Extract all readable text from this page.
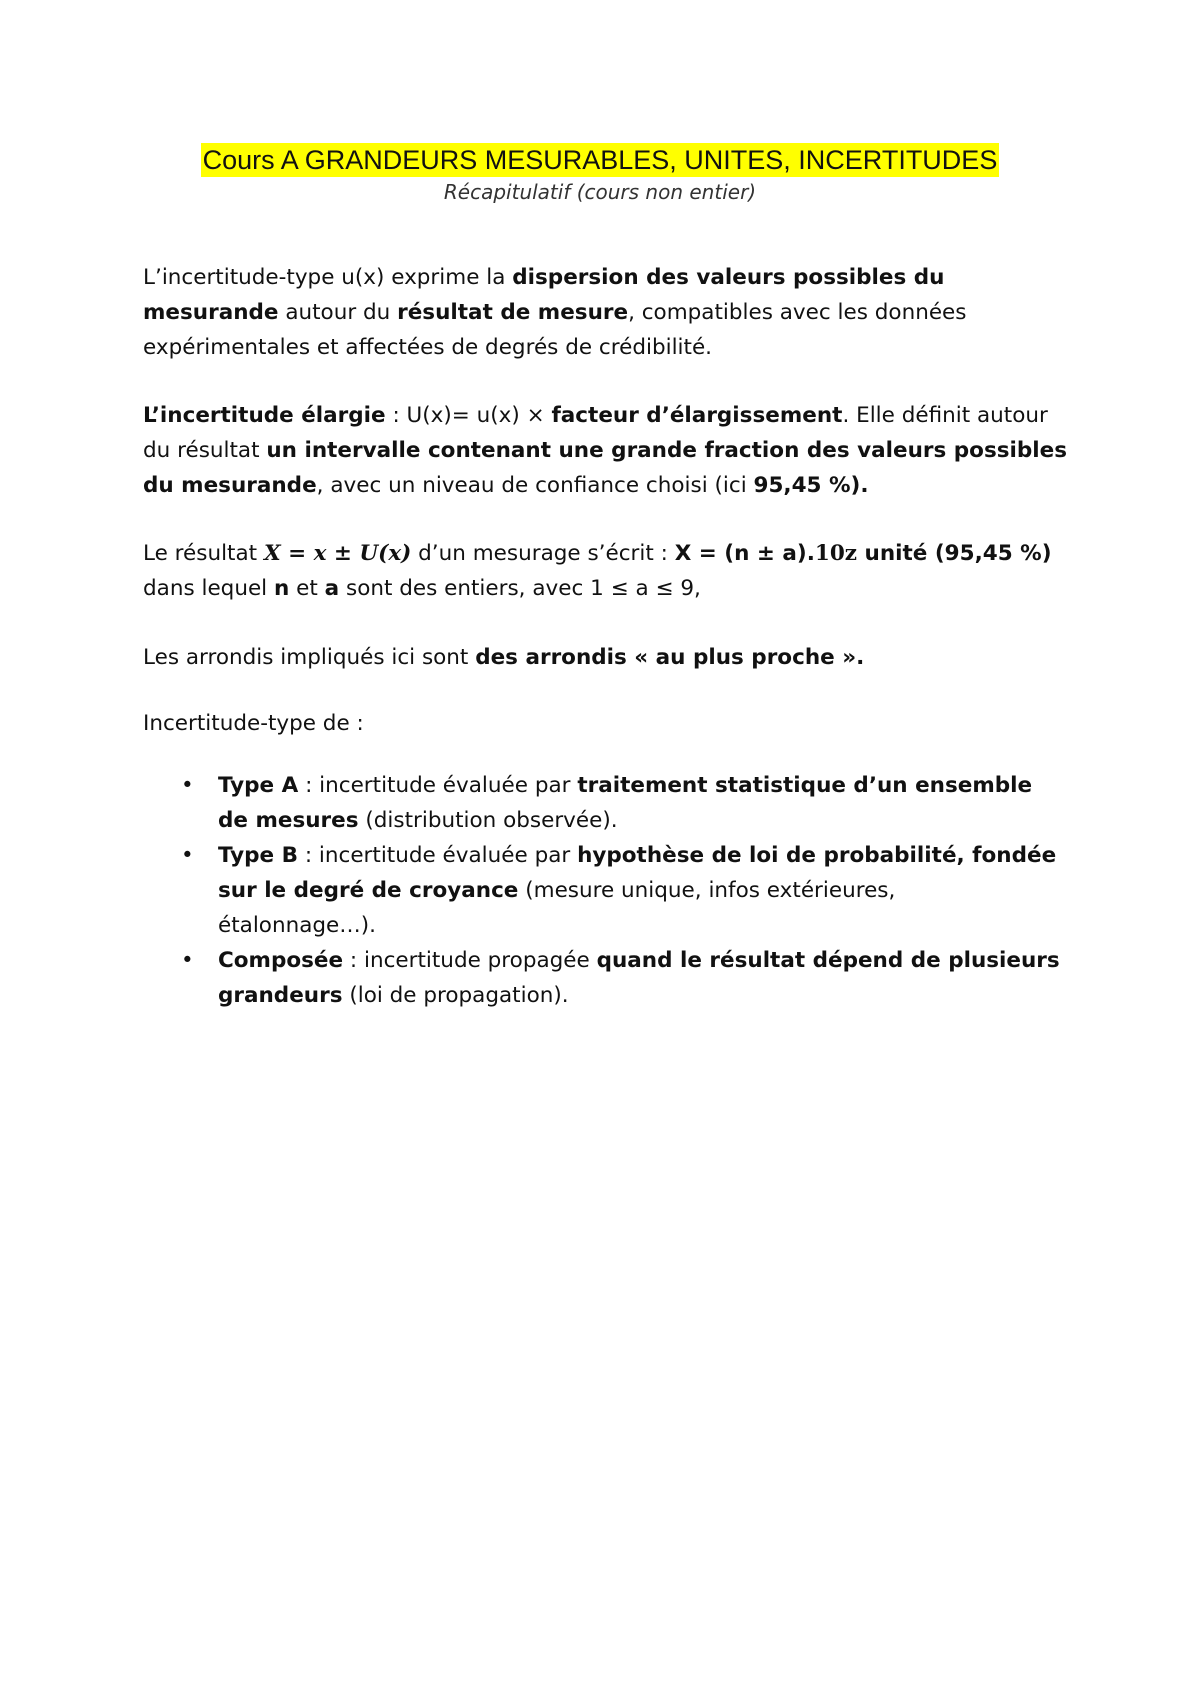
Cours A GRANDEURS MESURABLES, UNITES, INCERTITUDES
Récapitulatif (cours non entier)
L’incertitude-type u(x) exprime la dispersion des valeurs possibles du
mesurande autour du résultat de mesure, compatibles avec les données
expérimentales et affectées de degrés de crédibilité.
L’incertitude élargie : U(x)= u(x) × facteur d’élargissement. Elle définit autour
du résultat un intervalle contenant une grande fraction des valeurs possibles
du mesurande, avec un niveau de confiance choisi (ici 95,45 %).
Le résultat X = x ± U(x) d’un mesurage s’écrit : X = (n ± a).10z unité (95,45 %)
dans lequel n et a sont des entiers, avec 1 ≤ a ≤ 9,
Les arrondis impliqués ici sont des arrondis « au plus proche ».
Incertitude-type de :
• Type A : incertitude évaluée par traitement statistique d’un ensemble
de mesures (distribution observée).
• Type B : incertitude évaluée par hypothèse de loi de probabilité, fondée
sur le degré de croyance (mesure unique, infos extérieures,
étalonnage…).
• Composée : incertitude propagée quand le résultat dépend de plusieurs
grandeurs (loi de propagation).
